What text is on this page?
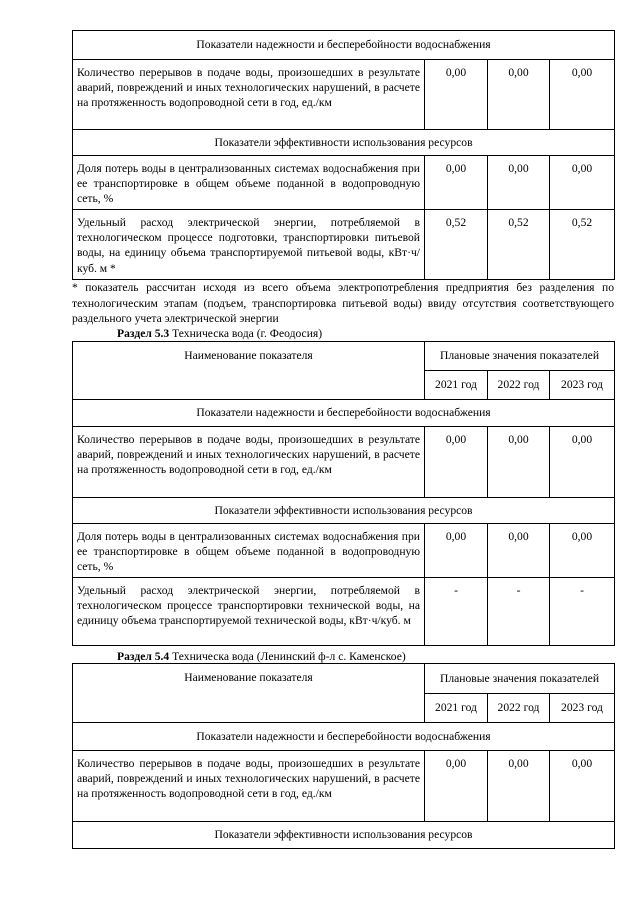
Показатели надежности и бесперебойности водоснабжения			
Количество перерывов в подаче воды, произошедших в результате аварий, повреждений и иных технологических нарушений, в расчете на протяженность водопроводной сети в год, ед./км	0,00	0,00	0,00
Показатели эффективности использования ресурсов			
Доля потерь воды в централизованных системах водоснабжения при ее транспортировке в общем объеме поданной в водопроводную сеть, %	0,00	0,00	0,00
Удельный расход электрической энергии, потребляемой в технологическом процессе подготовки, транспортировки питьевой воды, на единицу объема транспортируемой питьевой воды, кВт·ч/куб. м *	0,52	0,52	0,52
* показатель рассчитан исходя из всего объема электропотребления предприятия без разделения по технологическим этапам (подъем, транспортировка питьевой воды) ввиду отсутствия соответствующего раздельного учета электрической энергии
Раздел 5.3 Техническа вода (г. Феодосия)
Наименование показателя	Плановые значения показателей		
	2021 год	2022 год	2023 год
Показатели надежности и бесперебойности водоснабжения			
Количество перерывов в подаче воды, произошедших в результате аварий, повреждений и иных технологических нарушений, в расчете на протяженность водопроводной сети в год, ед./км	0,00	0,00	0,00
Показатели эффективности использования ресурсов			
Доля потерь воды в централизованных системах водоснабжения при ее транспортировке в общем объеме поданной в водопроводную сеть, %	0,00	0,00	0,00
Удельный расход электрической энергии, потребляемой в технологическом процессе транспортировки технической воды, на единицу объема транспортируемой технической воды, кВт·ч/куб. м	-	-	-
Раздел 5.4 Техническа вода (Ленинский ф-л с. Каменское)
Наименование показателя	Плановые значения показателей		
	2021 год	2022 год	2023 год
Показатели надежности и бесперебойности водоснабжения			
Количество перерывов в подаче воды, произошедших в результате аварий, повреждений и иных технологических нарушений, в расчете на протяженность водопроводной сети в год, ед./км	0,00	0,00	0,00
Показатели эффективности использования ресурсов			
